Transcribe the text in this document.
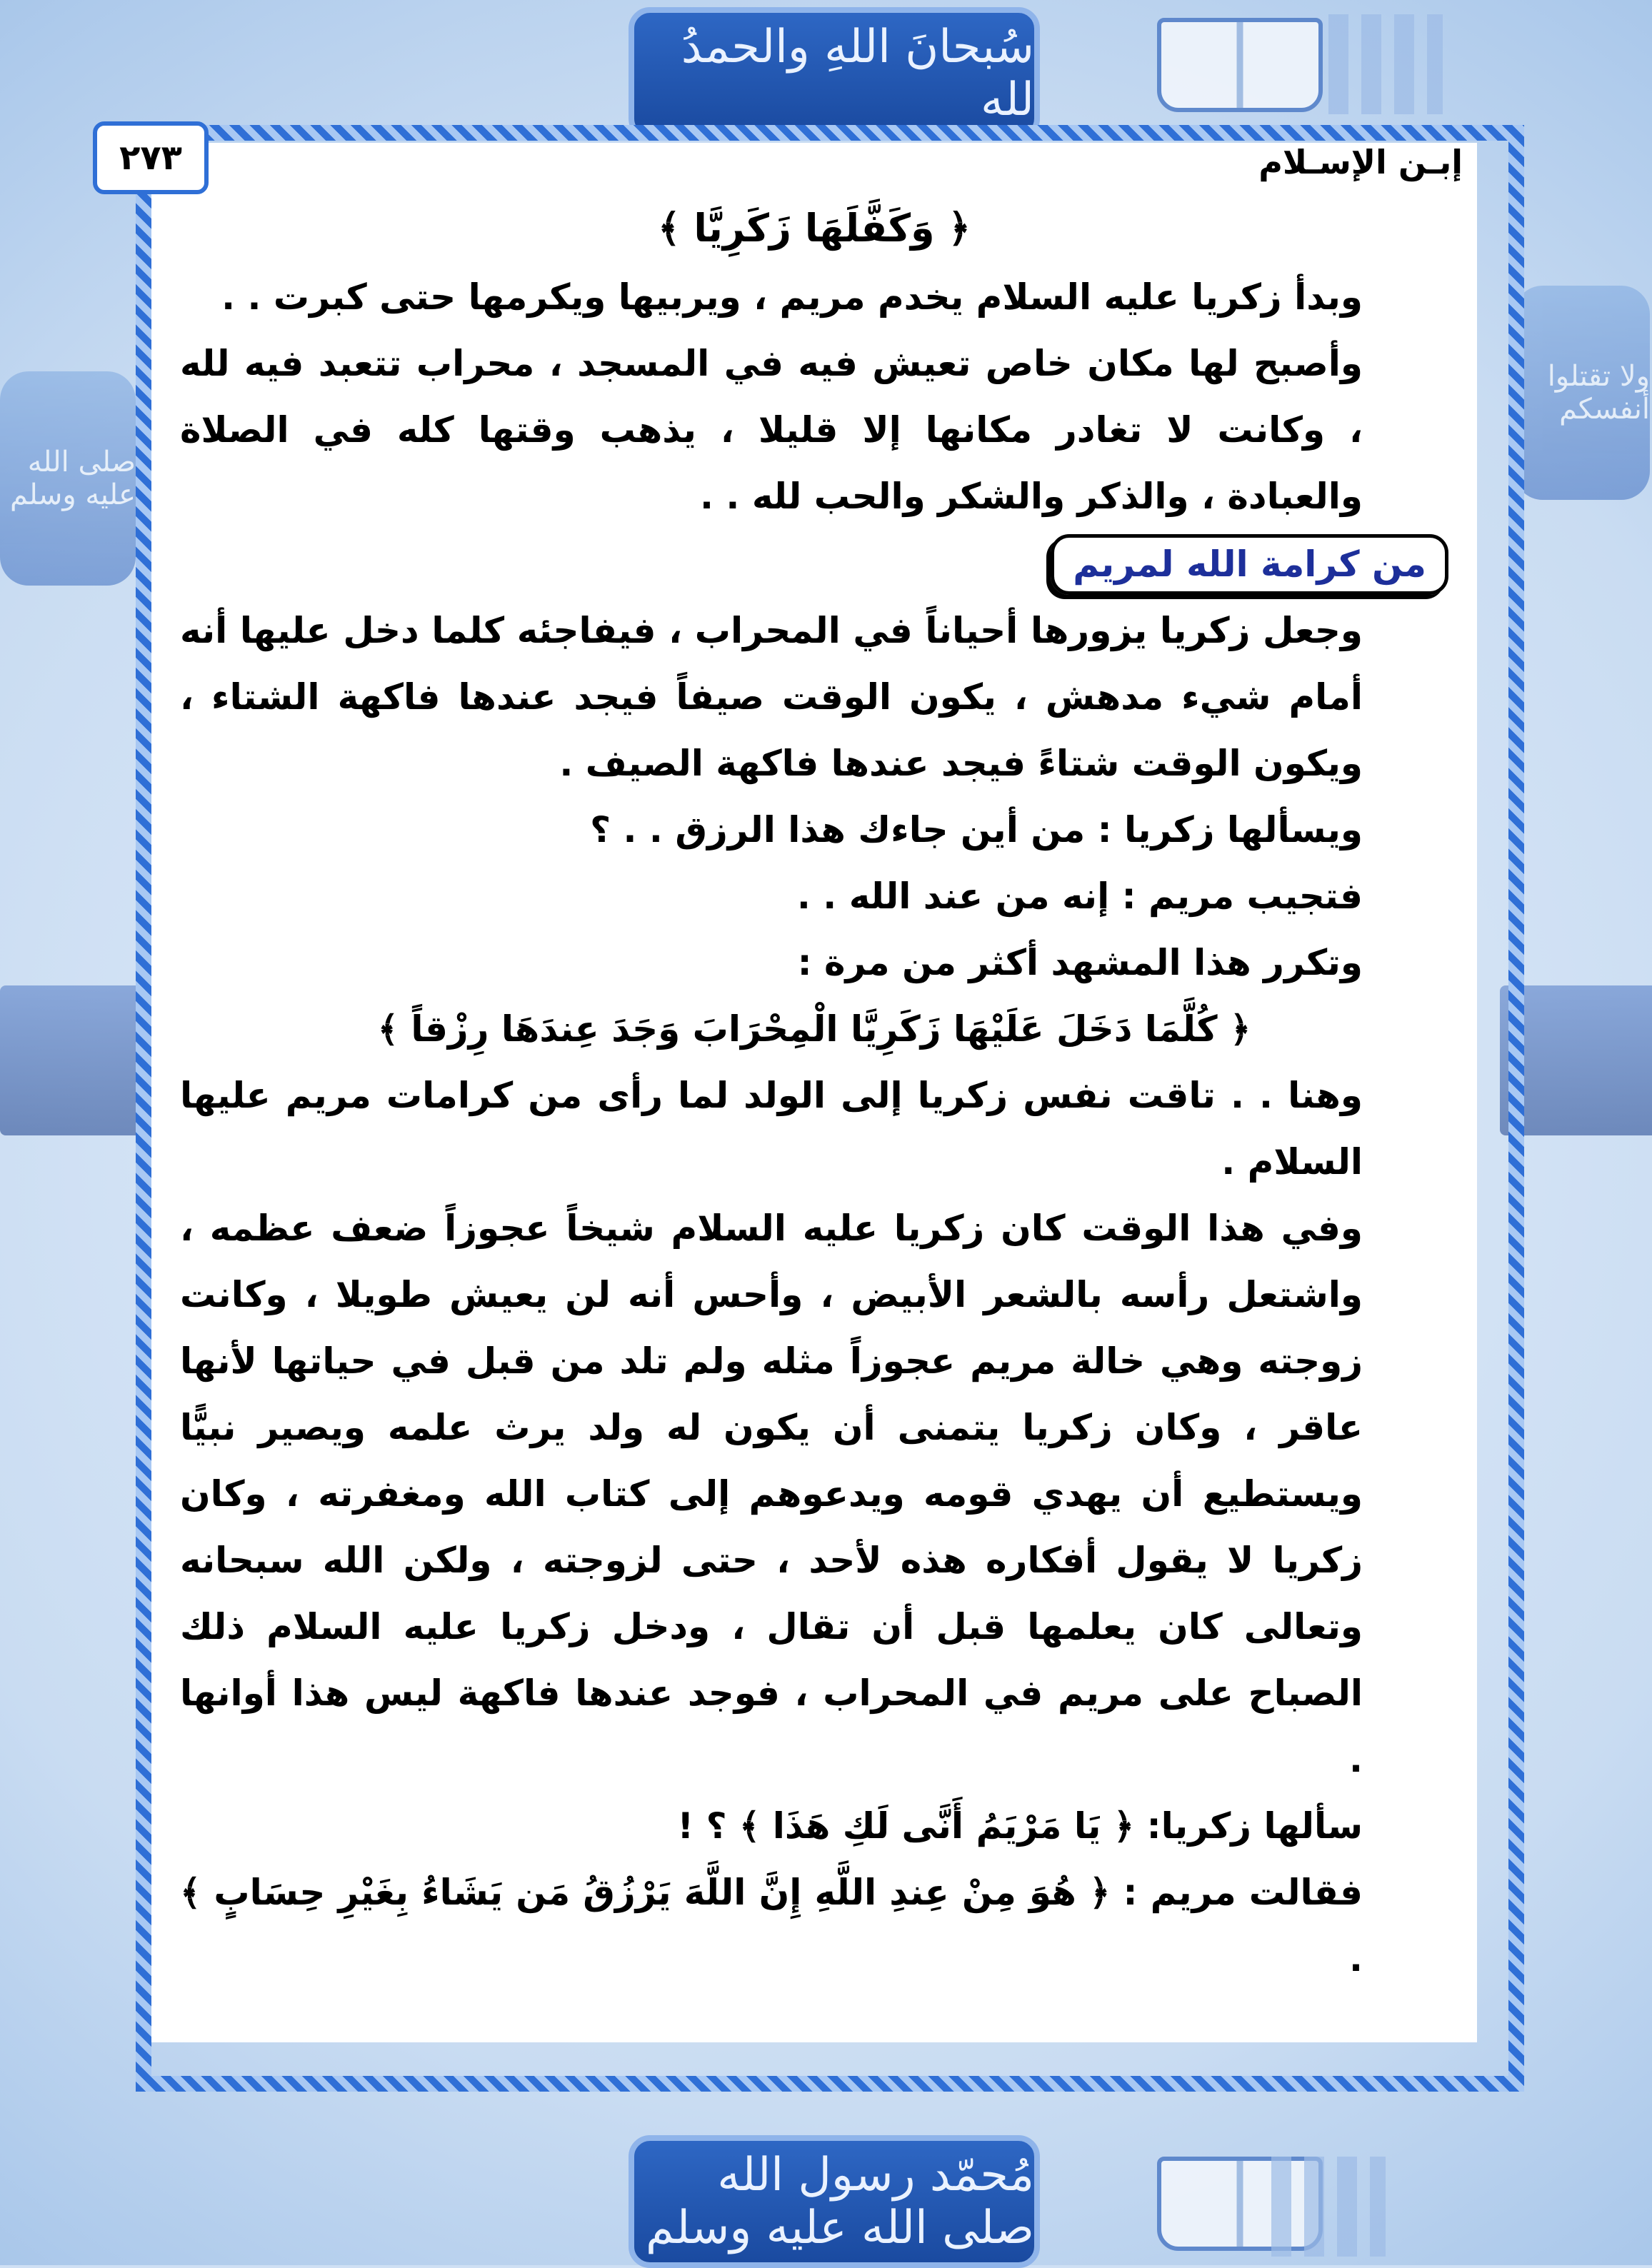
سُبحانَ اللهِ والحمدُ لله
مُحمّد رسول الله صلى الله عليه وسلم
صلى الله عليه وسلم
ولا تقتلوا أنفسكم
إبـن الإسـلام

﴿ وَكَفَّلَهَا زَكَرِيَّا ﴾

وبدأ زكريا عليه السلام يخدم مريم ، ويربيها ويكرمها حتى كبرت . .

وأصبح لها مكان خاص تعيش فيه في المسجد ، محراب تتعبد فيه لله ، وكانت لا تغادر مكانها إلا قليلا ، يذهب وقتها كله في الصلاة والعبادة ، والذكر والشكر والحب لله . .

من كرامة الله لمريم

وجعل زكريا يزورها أحياناً في المحراب ، فيفاجئه كلما دخل عليها أنه أمام شيء مدهش ، يكون الوقت صيفاً فيجد عندها فاكهة الشتاء ، ويكون الوقت شتاءً فيجد عندها فاكهة الصيف .

ويسألها زكريا : من أين جاءك هذا الرزق . . ؟

فتجيب مريم : إنه من عند الله . .

وتكرر هذا المشهد أكثر من مرة :

﴿ كُلَّمَا دَخَلَ عَلَيْهَا زَكَرِيَّا الْمِحْرَابَ وَجَدَ عِندَهَا رِزْقاً ﴾

وهنا . . تاقت نفس زكريا إلى الولد لما رأى من كرامات مريم عليها السلام .

وفي هذا الوقت كان زكريا عليه السلام شيخاً عجوزاً ضعف عظمه ، واشتعل رأسه بالشعر الأبيض ، وأحس أنه لن يعيش طويلا ، وكانت زوجته وهي خالة مريم عجوزاً مثله ولم تلد من قبل في حياتها لأنها عاقر ، وكان زكريا يتمنى أن يكون له ولد يرث علمه ويصير نبيًّا ويستطيع أن يهدي قومه ويدعوهم إلى كتاب الله ومغفرته ، وكان زكريا لا يقول أفكاره هذه لأحد ، حتى لزوجته ، ولكن الله سبحانه وتعالى كان يعلمها قبل أن تقال ، ودخل زكريا عليه السلام ذلك الصباح على مريم في المحراب ، فوجد عندها فاكهة ليس هذا أوانها .

سألها زكريا: ﴿ يَا مَرْيَمُ أَنَّى لَكِ هَذَا ﴾ ؟ !

فقالت مريم : ﴿ هُوَ مِنْ عِندِ اللَّهِ إِنَّ اللَّهَ يَرْزُقُ مَن يَشَاءُ بِغَيْرِ حِسَابٍ ﴾ .

٢٧٣
